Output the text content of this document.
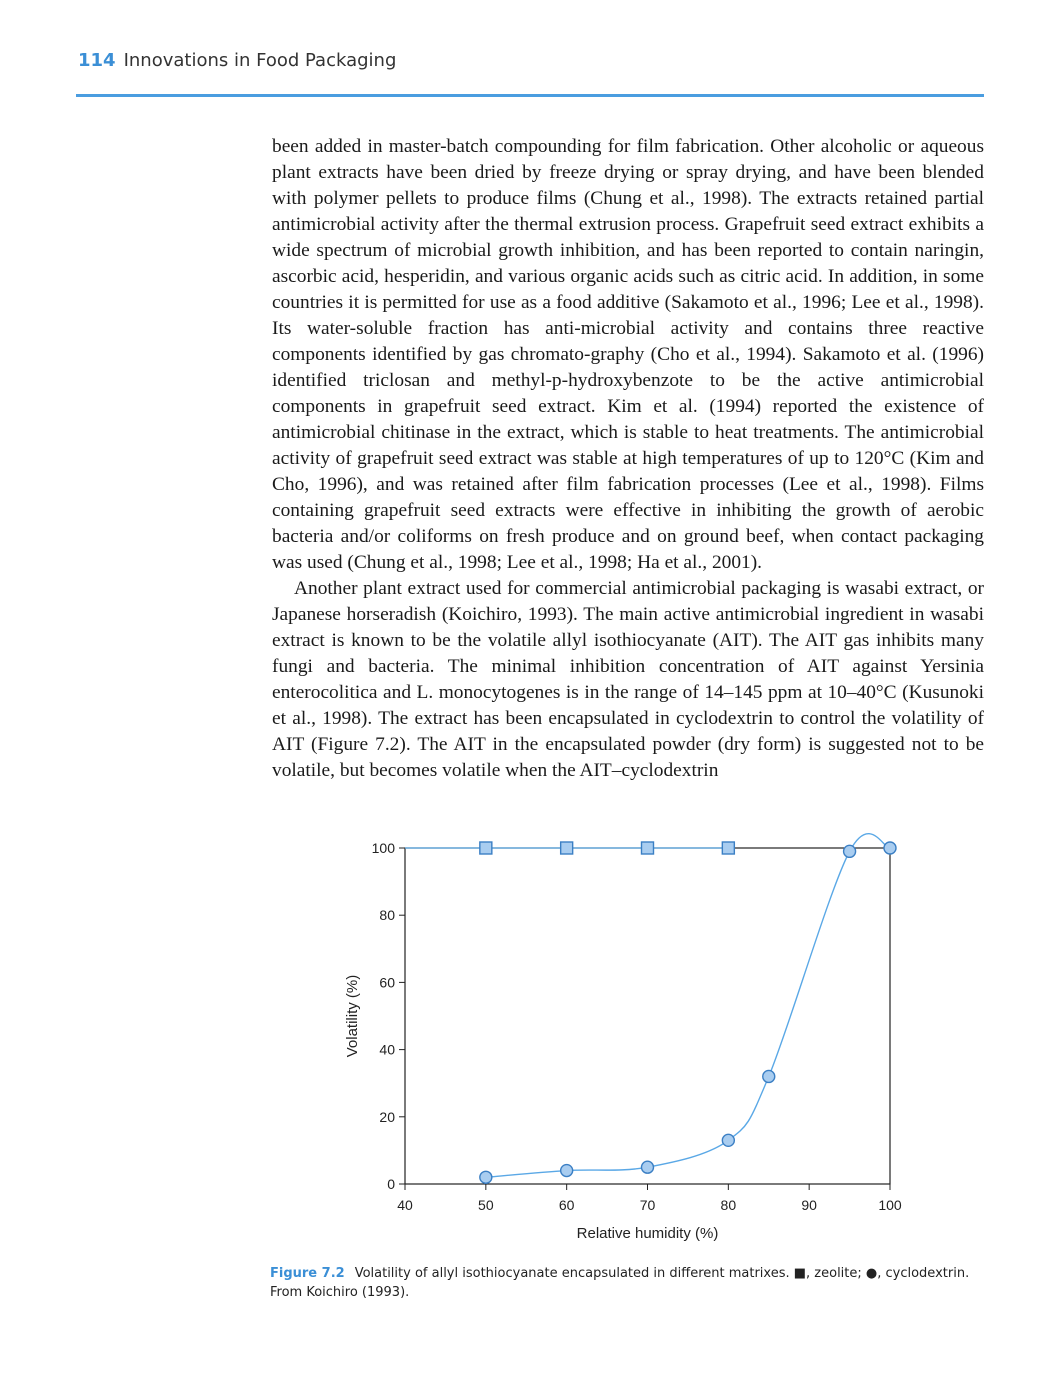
114 Innovations in Food Packaging

been added in master-batch compounding for film fabrication. Other alcoholic or aqueous plant extracts have been dried by freeze drying or spray drying, and have been blended with polymer pellets to produce films (Chung et al., 1998). The extracts retained partial antimicrobial activity after the thermal extrusion process. Grapefruit seed extract exhibits a wide spectrum of microbial growth inhibition, and has been reported to contain naringin, ascorbic acid, hesperidin, and various organic acids such as citric acid. In addition, in some countries it is permitted for use as a food additive (Sakamoto et al., 1996; Lee et al., 1998). Its water-soluble fraction has anti-microbial activity and contains three reactive components identified by gas chromato-graphy (Cho et al., 1994). Sakamoto et al. (1996) identified triclosan and methyl-p-hydroxybenzote to be the active antimicrobial components in grapefruit seed extract. Kim et al. (1994) reported the existence of antimicrobial chitinase in the extract, which is stable to heat treatments. The antimicrobial activity of grapefruit seed extract was stable at high temperatures of up to 120°C (Kim and Cho, 1996), and was retained after film fabrication processes (Lee et al., 1998). Films containing grapefruit seed extracts were effective in inhibiting the growth of aerobic bacteria and/or coliforms on fresh produce and on ground beef, when contact packaging was used (Chung et al., 1998; Lee et al., 1998; Ha et al., 2001).

Another plant extract used for commercial antimicrobial packaging is wasabi extract, or Japanese horseradish (Koichiro, 1993). The main active antimicrobial ingredient in wasabi extract is known to be the volatile allyl isothiocyanate (AIT). The AIT gas inhibits many fungi and bacteria. The minimal inhibition concentration of AIT against Yersinia enterocolitica and L. monocytogenes is in the range of 14–145 ppm at 10–40°C (Kusunoki et al., 1998). The extract has been encapsulated in cyclodextrin to control the volatility of AIT (Figure 7.2). The AIT in the encapsulated powder (dry form) is suggested not to be volatile, but becomes volatile when the AIT–cyclodextrin

40	50	60	70	80	90	100
0
20
40
60
80
100
Relative humidity (%)
Volatility (%)
Figure 7.2 Volatility of allyl isothiocyanate encapsulated in different matrixes. ■, zeolite; ●, cyclodextrin.
From Koichiro (1993).
